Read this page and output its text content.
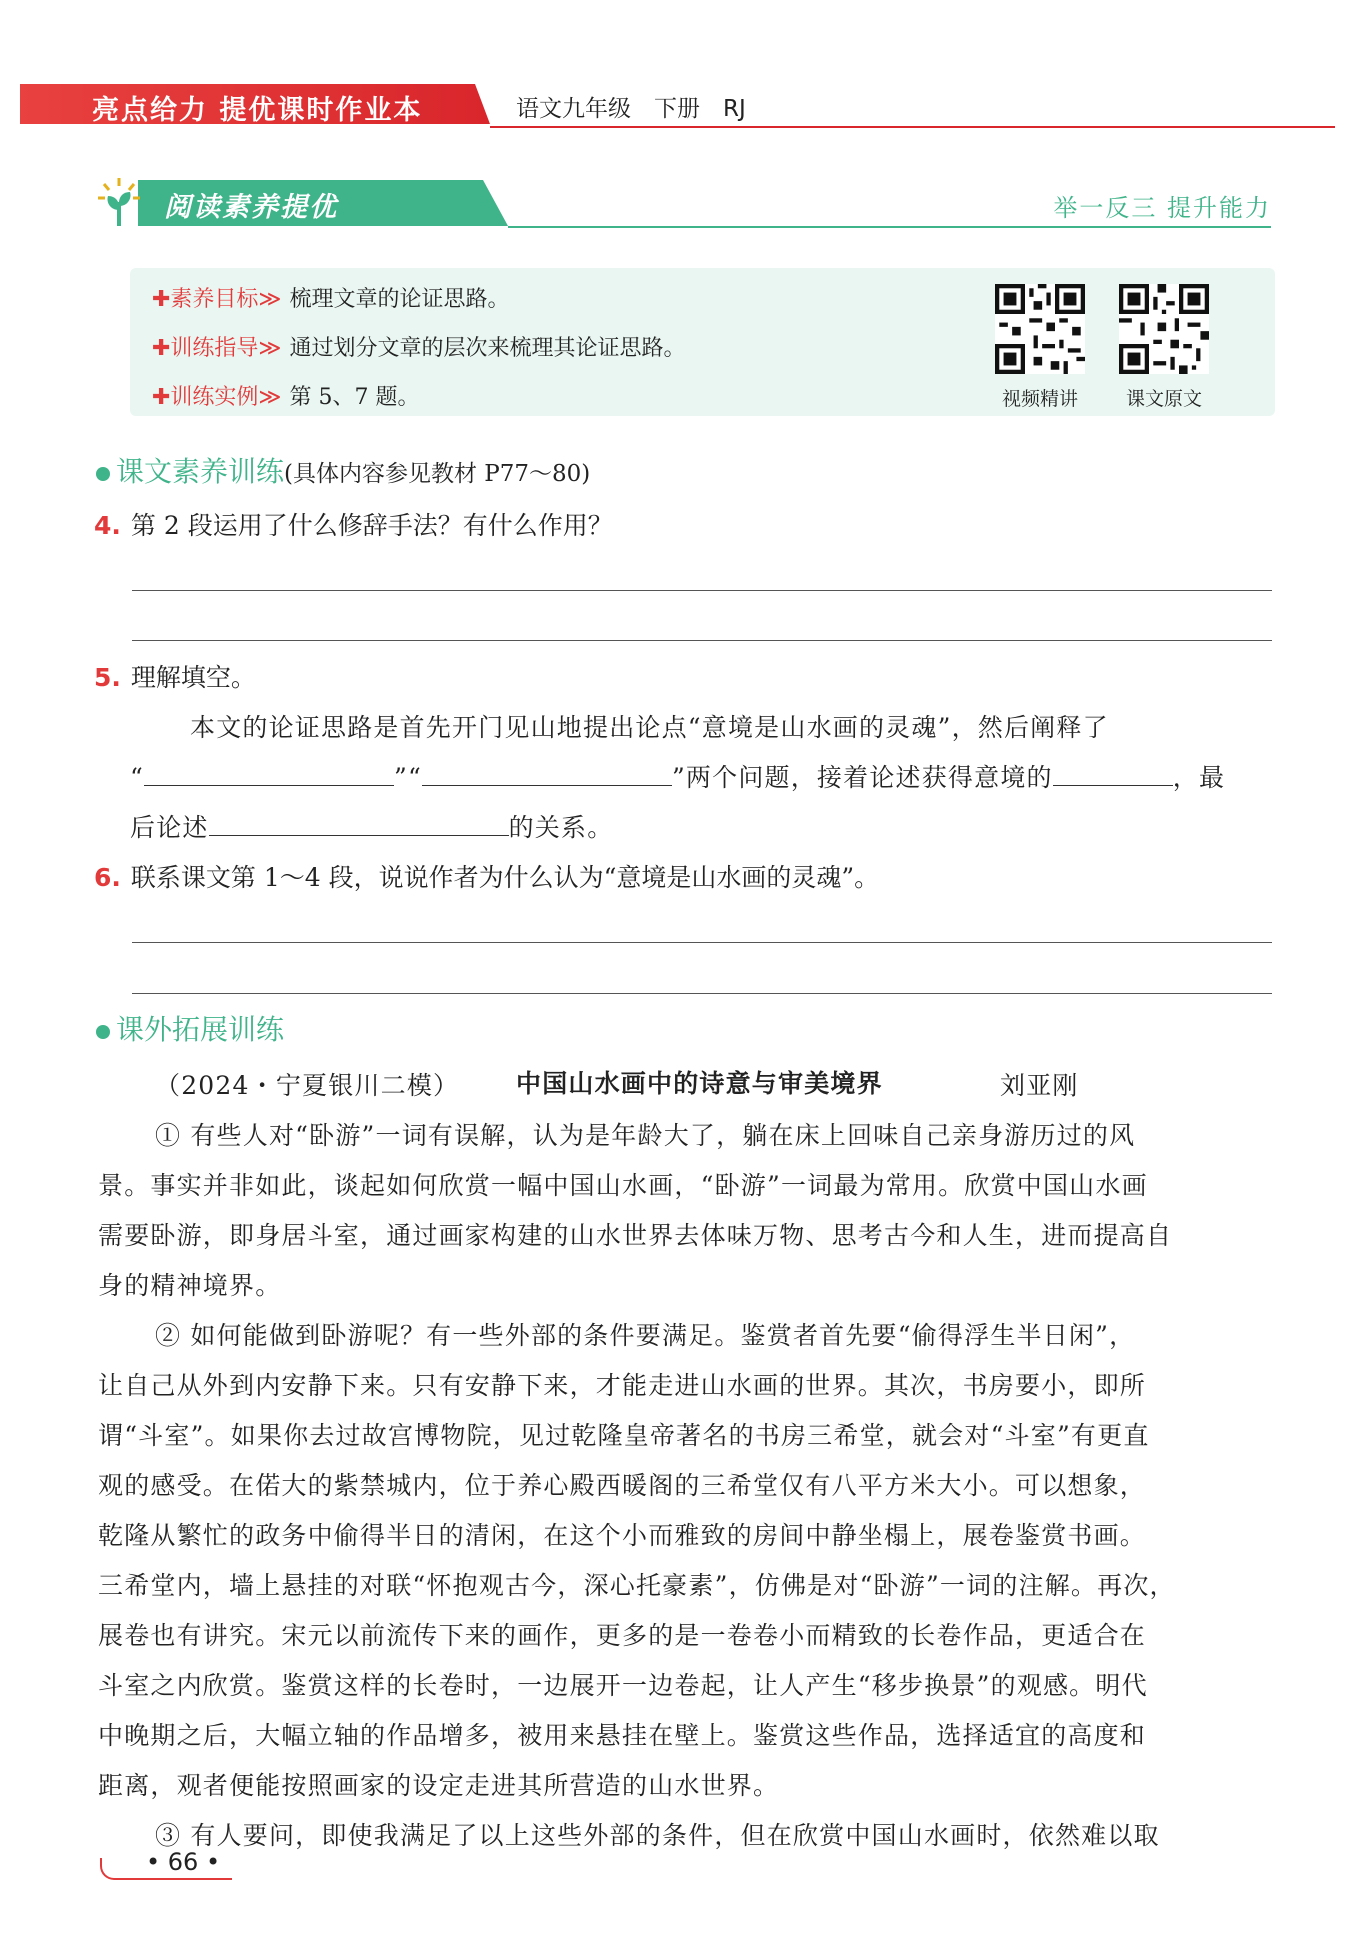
亮点给力 提优课时作业本	语文九年级　下册　RJ
阅读素养提优	举一反三 提升能力
✚素养目标≫ 梳理文章的论证思路。
✚训练指导≫ 通过划分文章的层次来梳理其论证思路。
✚训练实例≫ 第 5、7 题。	视频精讲	课文原文
课文素养训练(具体内容参见教材 P77～80)
4. 第 2 段运用了什么修辞手法？有什么作用？
5. 理解填空。
本文的论证思路是首先开门见山地提出论点“意境是山水画的灵魂”，然后阐释了
“	”“	”两个问题，接着论述获得意境的	，最
后论述	的关系。
6. 联系课文第 1～4 段，说说作者为什么认为“意境是山水画的灵魂”。
课外拓展训练
（2024・宁夏银川二模） 中国山水画中的诗意与审美境界	刘亚刚
① 有些人对“卧游”一词有误解，认为是年龄大了，躺在床上回味自己亲身游历过的风
景。事实并非如此，谈起如何欣赏一幅中国山水画，“卧游”一词最为常用。欣赏中国山水画
需要卧游，即身居斗室，通过画家构建的山水世界去体味万物、思考古今和人生，进而提高自
身的精神境界。
② 如何能做到卧游呢？有一些外部的条件要满足。鉴赏者首先要“偷得浮生半日闲”，
让自己从外到内安静下来。只有安静下来，才能走进山水画的世界。其次，书房要小，即所
谓“斗室”。如果你去过故宫博物院，见过乾隆皇帝著名的书房三希堂，就会对“斗室”有更直
观的感受。在偌大的紫禁城内，位于养心殿西暖阁的三希堂仅有八平方米大小。可以想象，
乾隆从繁忙的政务中偷得半日的清闲，在这个小而雅致的房间中静坐榻上，展卷鉴赏书画。
三希堂内，墙上悬挂的对联“怀抱观古今，深心托豪素”，仿佛是对“卧游”一词的注解。再次，
展卷也有讲究。宋元以前流传下来的画作，更多的是一卷卷小而精致的长卷作品，更适合在
斗室之内欣赏。鉴赏这样的长卷时，一边展开一边卷起，让人产生“移步换景”的观感。明代
中晚期之后，大幅立轴的作品增多，被用来悬挂在壁上。鉴赏这些作品，选择适宜的高度和
距离，观者便能按照画家的设定走进其所营造的山水世界。
③ 有人要问，即使我满足了以上这些外部的条件，但在欣赏中国山水画时，依然难以取
• 66 •
